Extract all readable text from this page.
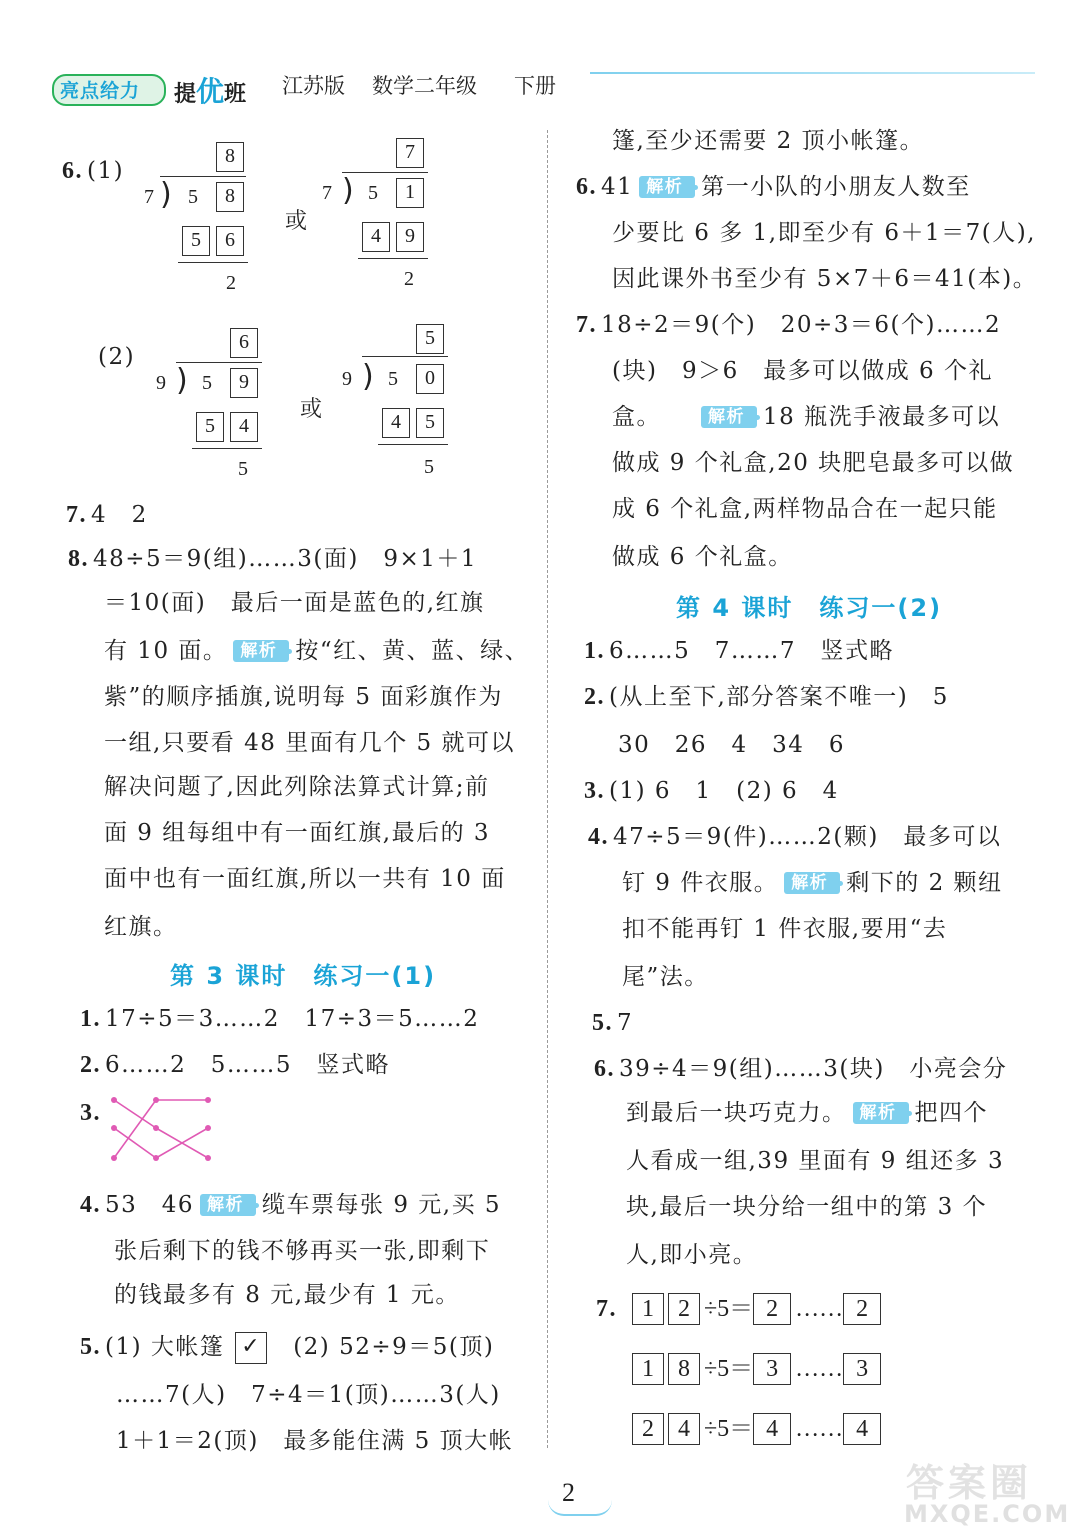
亮点给力 提优班 江苏版 数学二年级 下册
6. (1)
8
7 ) 5	8
5	6
2
或
7
7 ) 5	1
4	9
2
(2)
6
9 ) 5	9
5	4
5
或
5
9 ) 5	0
4	5
5
7. 4　2
8. 48÷5＝9(组)……3(面)　9×1＋1
＝10(面)　最后一面是蓝色的,红旗
有 10 面。 解析 按“红、黄、蓝、绿、
紫”的顺序插旗,说明每 5 面彩旗作为
一组,只要看 48 里面有几个 5 就可以
解决问题了,因此列除法算式计算;前
面 9 组每组中有一面红旗,最后的 3
面中也有一面红旗,所以一共有 10 面
红旗。
第 3 课时　练习一(1)
1. 17÷5＝3……2　17÷3＝5……2
2. 6……2　5……5　竖式略
3.
4. 53　46 解析 缆车票每张 9 元,买 5
张后剩下的钱不够再买一张,即剩下
的钱最多有 8 元,最少有 1 元。
5. (1) 大帐篷 ✓ (2) 52÷9＝5(顶)
……7(人)　7÷4＝1(顶)……3(人)
1＋1＝2(顶)　最多能住满 5 顶大帐
篷,至少还需要 2 顶小帐篷。
6. 41 解析 第一小队的小朋友人数至
少要比 6 多 1,即至少有 6＋1＝7(人),
因此课外书至少有 5×7＋6＝41(本)。
7. 18÷2＝9(个)　20÷3＝6(个)……2
(块)　9＞6　最多可以做成 6 个礼
盒。	解析 18 瓶洗手液最多可以
做成 9 个礼盒,20 块肥皂最多可以做
成 6 个礼盒,两样物品合在一起只能
做成 6 个礼盒。
第 4 课时　练习一(2)
1. 6……5　7……7　竖式略
2. (从上至下,部分答案不唯一)　5
30　26　4　34　6
3. (1) 6　1　(2) 6　4
4. 47÷5＝9(件)……2(颗)　最多可以
钉 9 件衣服。 解析 剩下的 2 颗纽
扣不能再钉 1 件衣服,要用“去
尾”法。
5. 7
6. 39÷4＝9(组)……3(块)　小亮会分
到最后一块巧克力。 解析 把四个
人看成一组,39 里面有 9 组还多 3
块,最后一块分给一组中的第 3 个
人,即小亮。
7.	1 2 ÷5＝ 2 …… 2
1 8 ÷5＝ 3 …… 3
2 4 ÷5＝ 4 …… 4
2	答案圈
MXQE.COM
